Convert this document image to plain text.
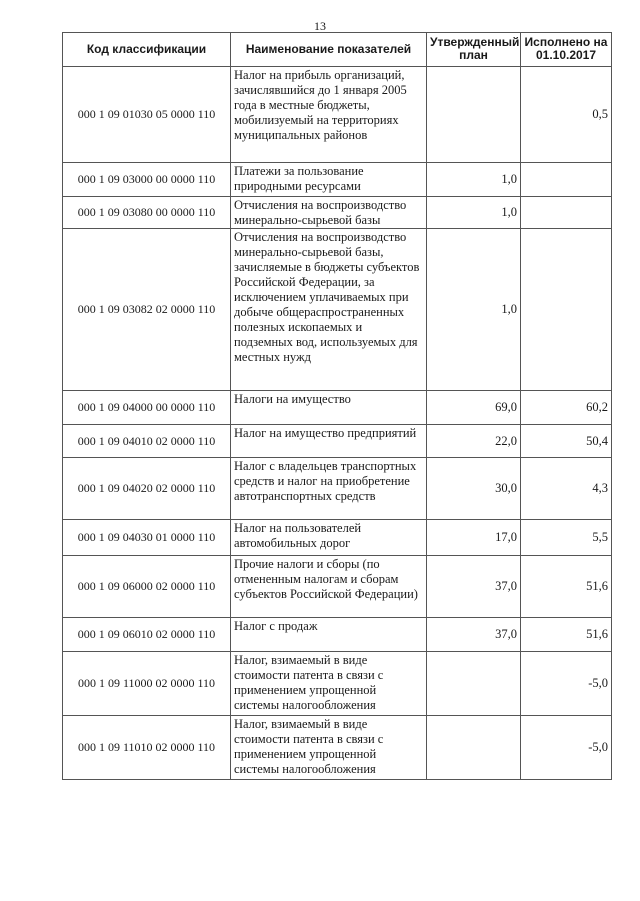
13
Код классификации	Наименование показателей	Утвержденный план	Исполнено на 01.10.2017
000 1 09 01030 05 0000 110	Налог на прибыль организаций, зачислявшийся до 1 января 2005 года в местные бюджеты, мобилизуемый на территориях муниципальных районов		0,5
000 1 09 03000 00 0000 110	Платежи за пользование природными ресурсами	1,0	
000 1 09 03080 00 0000 110	Отчисления на воспроизводство минерально-сырьевой базы	1,0	
000 1 09 03082 02 0000 110	Отчисления на воспроизводство минерально-сырьевой базы, зачисляемые в бюджеты субъектов Российской Федерации, за исключением уплачиваемых при добыче общераспространенных полезных ископаемых и подземных вод, используемых для местных нужд	1,0	
000 1 09 04000 00 0000 110	Налоги на имущество	69,0	60,2
000 1 09 04010 02 0000 110	Налог на имущество предприятий	22,0	50,4
000 1 09 04020 02 0000 110	Налог с владельцев транспортных средств и налог на приобретение автотранспортных средств	30,0	4,3
000 1 09 04030 01 0000 110	Налог на пользователей автомобильных дорог	17,0	5,5
000 1 09 06000 02 0000 110	Прочие налоги и сборы (по отмененным налогам и сборам субъектов Российской Федерации)	37,0	51,6
000 1 09 06010 02 0000 110	Налог с продаж	37,0	51,6
000 1 09 11000 02 0000 110	Налог, взимаемый в виде стоимости патента в связи с применением упрощенной системы налогообложения		-5,0
000 1 09 11010 02 0000 110	Налог, взимаемый в виде стоимости патента в связи с применением упрощенной системы налогообложения		-5,0
